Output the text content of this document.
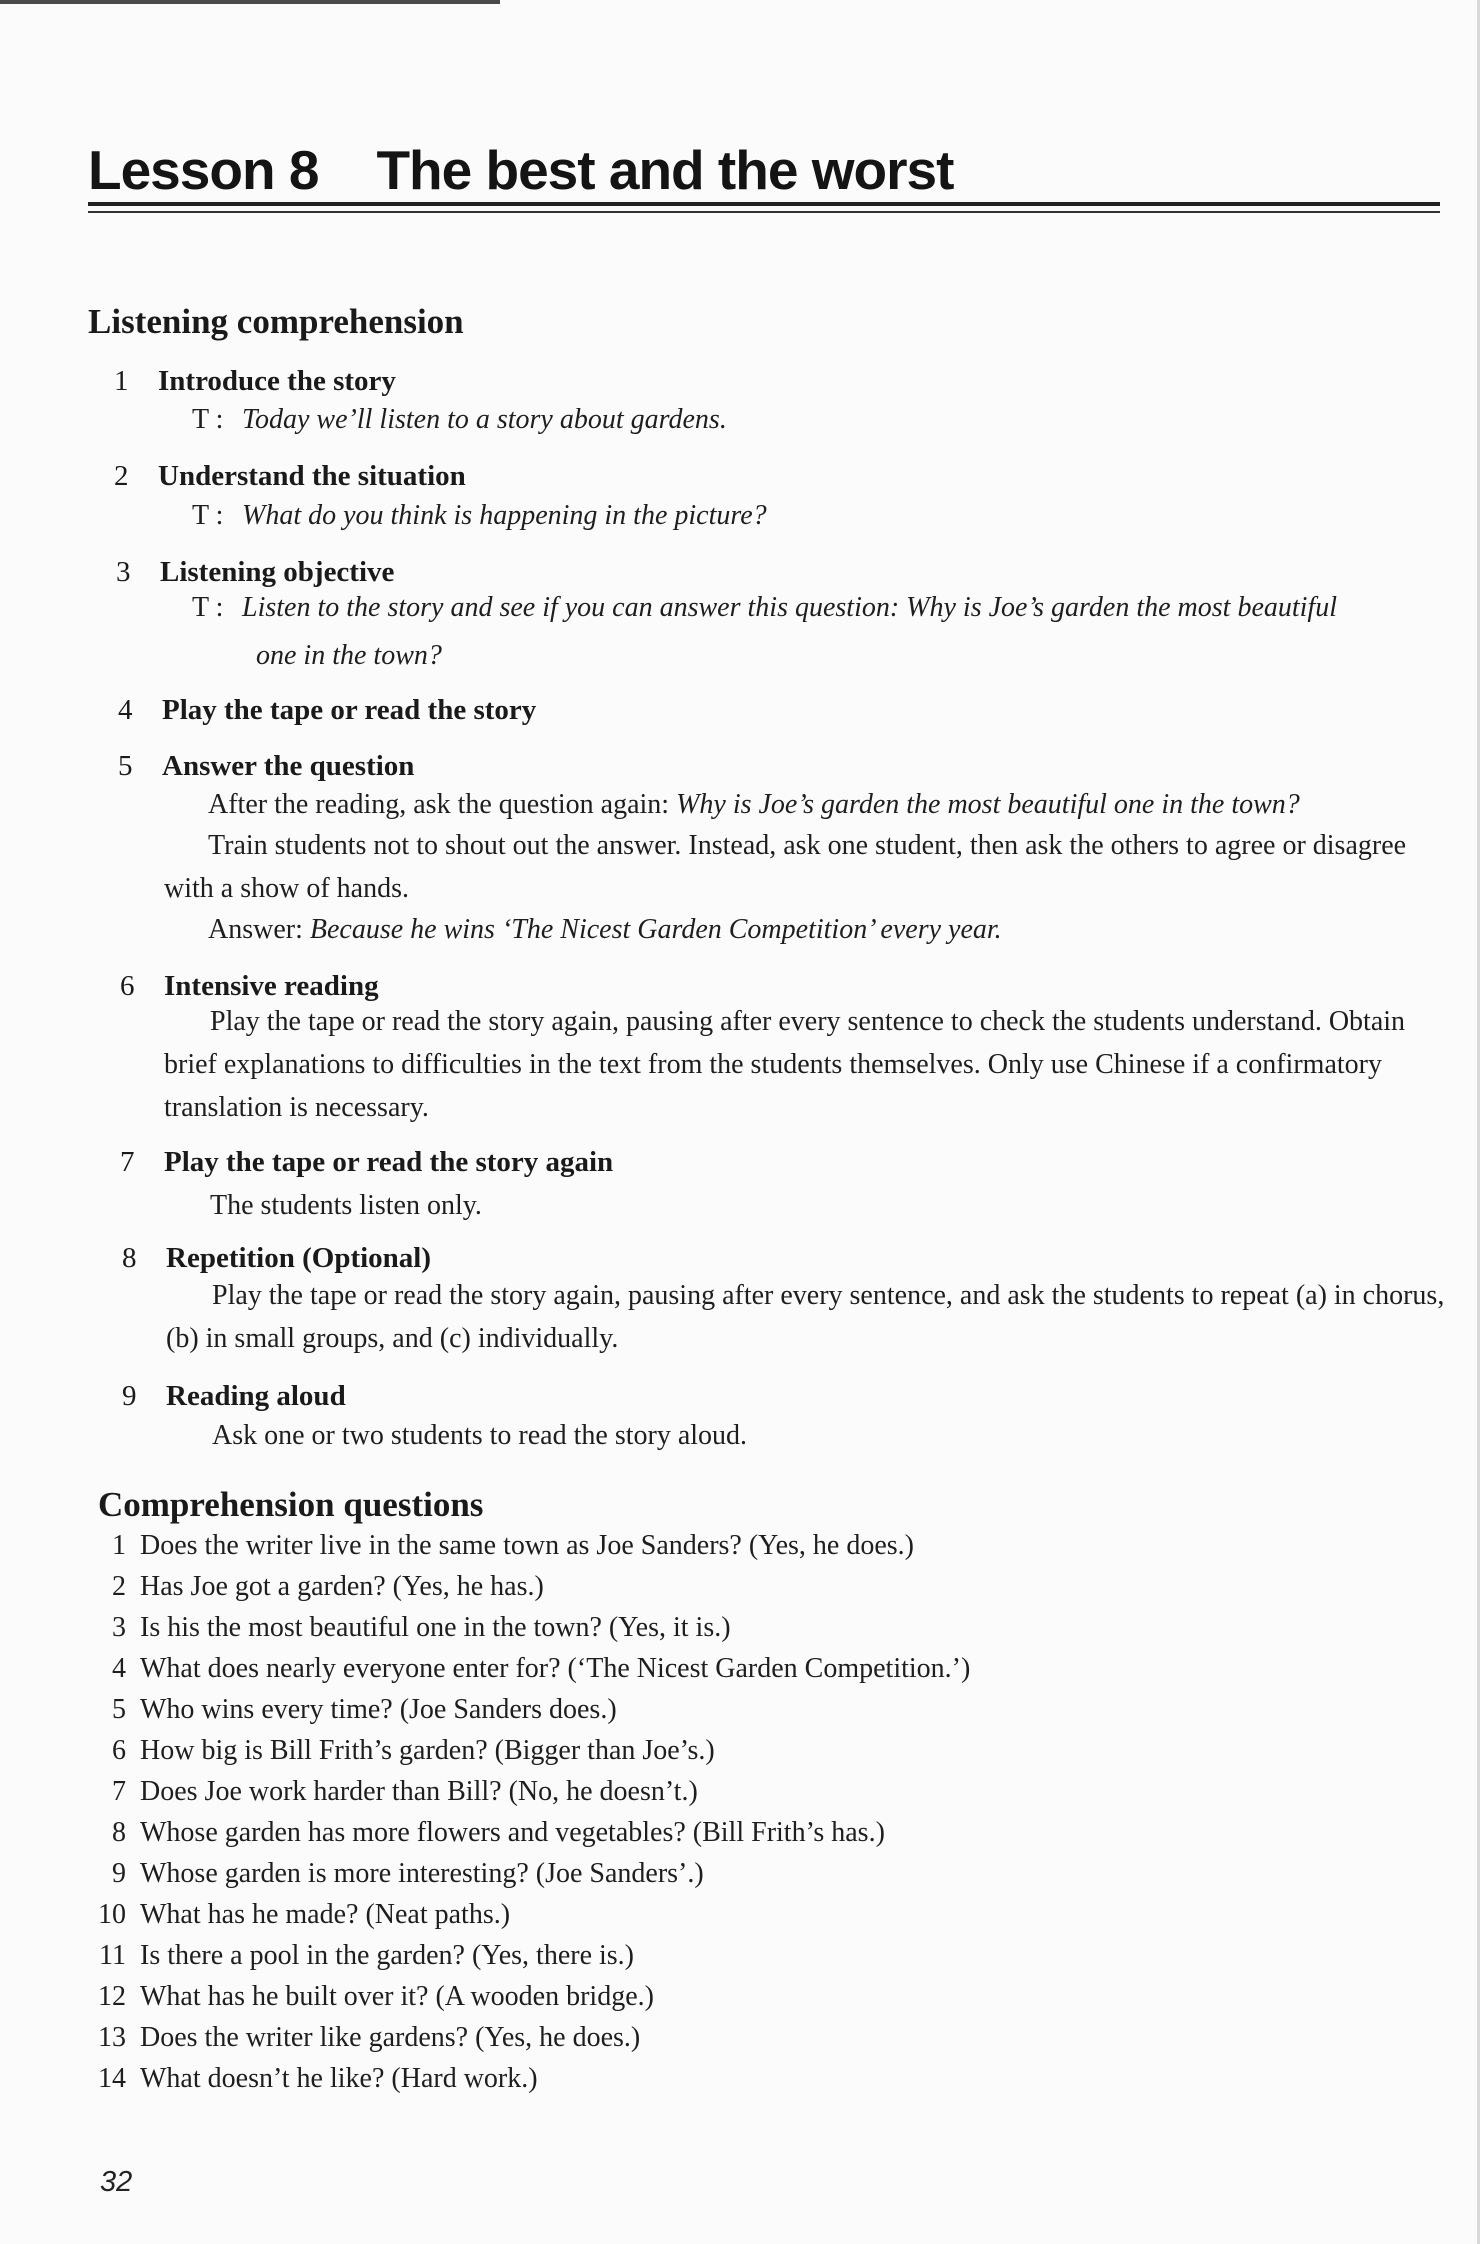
Lesson 8 The best and the worst
Listening comprehension
1 Introduce the story
T : Today we’ll listen to a story about gardens.
2 Understand the situation
T : What do you think is happening in the picture?
3 Listening objective
T : Listen to the story and see if you can answer this question: Why is Joe’s garden the most beautiful
one in the town?
4 Play the tape or read the story
5 Answer the question

After the reading, ask the question again: Why is Joe’s garden the most beautiful one in the town?

Train students not to shout out the answer. Instead, ask one student, then ask the others to agree or disagree with a show of hands.

Answer: Because he wins ‘The Nicest Garden Competition’ every year.

6 Intensive reading

Play the tape or read the story again, pausing after every sentence to check the students understand. Obtain brief explanations to difficulties in the text from the students themselves. Only use Chinese if a confirmatory translation is necessary.

7 Play the tape or read the story again

The students listen only.

8 Repetition (Optional)

Play the tape or read the story again, pausing after every sentence, and ask the students to repeat (a) in chorus, (b) in small groups, and (c) individually.

9 Reading aloud

Ask one or two students to read the story aloud.

Comprehension questions
1 Does the writer live in the same town as Joe Sanders? (Yes, he does.)
2 Has Joe got a garden? (Yes, he has.)
3 Is his the most beautiful one in the town? (Yes, it is.)
4 What does nearly everyone enter for? (‘The Nicest Garden Competition.’)
5 Who wins every time? (Joe Sanders does.)
6 How big is Bill Frith’s garden? (Bigger than Joe’s.)
7 Does Joe work harder than Bill? (No, he doesn’t.)
8 Whose garden has more flowers and vegetables? (Bill Frith’s has.)
9 Whose garden is more interesting? (Joe Sanders’.)
10 What has he made? (Neat paths.)
11 Is there a pool in the garden? (Yes, there is.)
12 What has he built over it? (A wooden bridge.)
13 Does the writer like gardens? (Yes, he does.)
14 What doesn’t he like? (Hard work.)
32
